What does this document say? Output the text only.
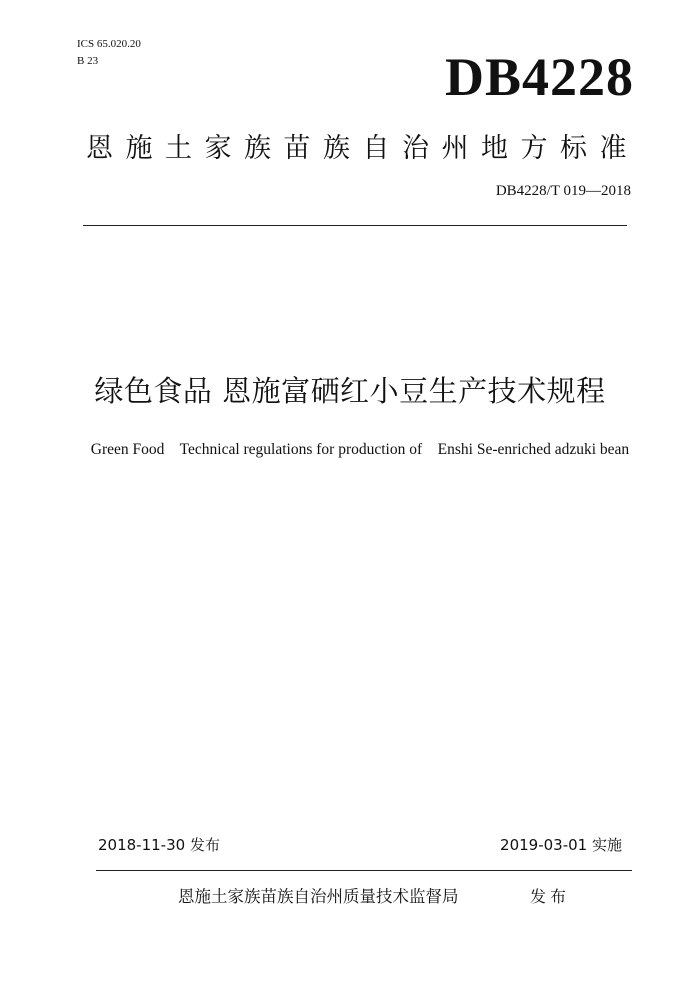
ICS 65.020.20
B 23	DB4228
恩施土家族苗族自治州地方标准
DB4228/T 019—2018
绿色食品 恩施富硒红小豆生产技术规程
Green Food    Technical regulations for production of    Enshi Se-enriched adzuki bean
2018-11-30 发布	2019-03-01 实施
恩施土家族苗族自治州质量技术监督局	发布
